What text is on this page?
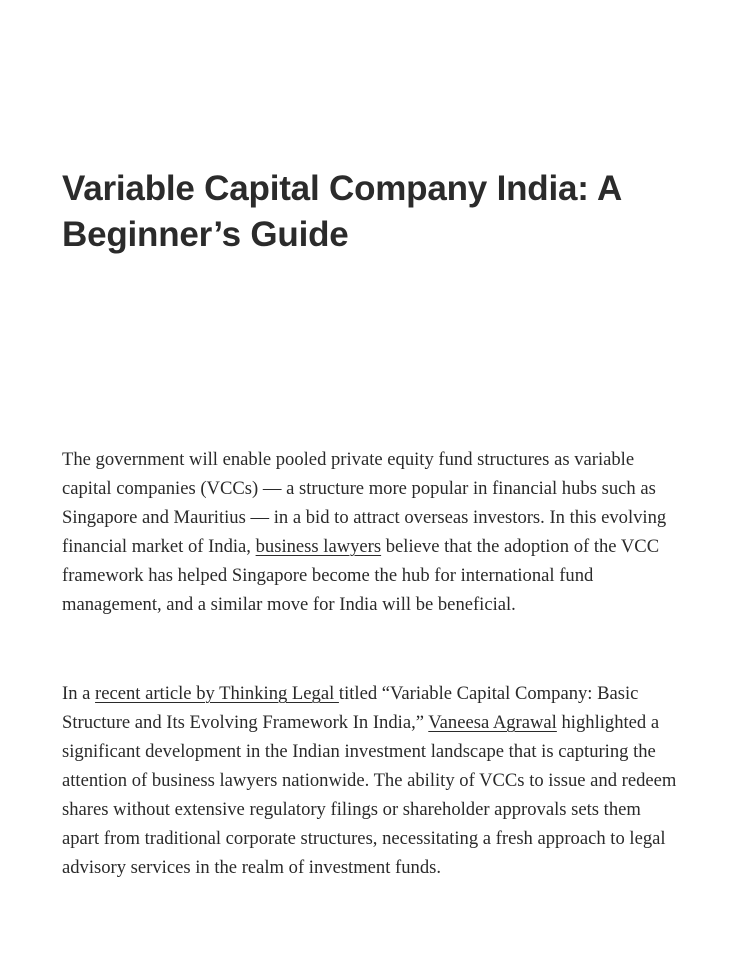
Variable Capital Company India: A Beginner’s Guide

The government will enable pooled private equity fund structures as variable capital companies (VCCs) — a structure more popular in financial hubs such as Singapore and Mauritius — in a bid to attract overseas investors. In this evolving financial market of India, business lawyers believe that the adoption of the VCC framework has helped Singapore become the hub for international fund management, and a similar move for India will be beneficial.

In a recent article by Thinking Legal titled “Variable Capital Company: Basic Structure and Its Evolving Framework In India,” Vaneesa Agrawal highlighted a significant development in the Indian investment landscape that is capturing the attention of business lawyers nationwide. The ability of VCCs to issue and redeem shares without extensive regulatory filings or shareholder approvals sets them apart from traditional corporate structures, necessitating a fresh approach to legal advisory services in the realm of investment funds.
